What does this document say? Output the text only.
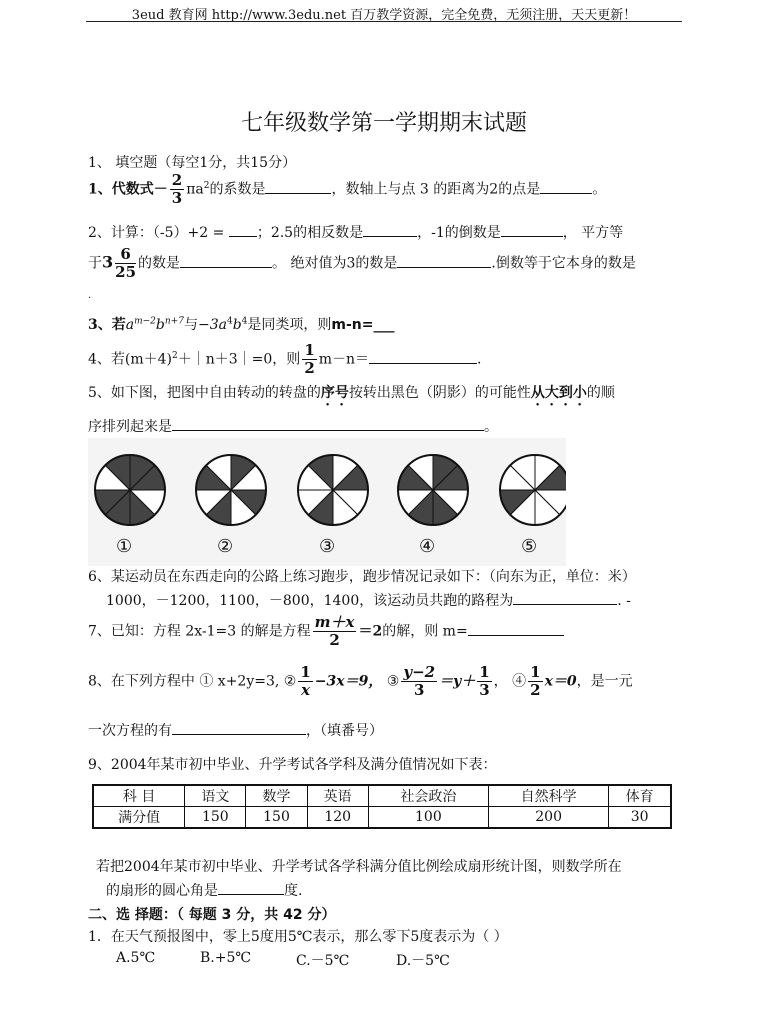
3eud 教育网 http://www.3edu.net 百万教学资源，完全免费，无须注册，天天更新！
七年级数学第一学期期末试题
1、 填空题（每空1分，共15分）
1、代数式－ $\frac{2}{3} \pi a^2$的系数是	，数轴上与点 3 的距离为2的点是	。
2、计算：（-5）+2 = ；2.5的相反数是	，-1的倒数是	， 平方等
于$3 \frac{6}{25}$ 的数是	。 绝对值为3的数是	.倒数等于它本身的数是
.
3、若$a^{m-2}b^{n+7}$与$-3a^4b^4$是同类项，则m-n=___
4、若$(m+4)^2+|n+3|=0$，则 $\frac{1}{2} m-n=$	.
5、如下图，把图中自由转动的转盘的序号按转出黑色（阴影）的可能性从大到小的顺
序排列起来是	。
①	②	③	④	⑤
6、某运动员在东西走向的公路上练习跑步，跑步情况记录如下：（向东为正，单位：米）
1000，－1200，1100，－800，1400，该运动员共跑的路程为	. -
7、已知：方程 2x-1=3 的解是方程 $\frac{m+x}{2} =2$的解，则 m=
8、在下列方程中 ① x+2y=3, ② $\frac{1}{x} -3x=9$， ③ $\frac{y-2}{3} =y+ \frac{1}{3}$ ， ④ $\frac{1}{2} x=0$，是一元
一次方程的有	，（填番号）
9、2004年某市初中毕业、升学考试各学科及满分值情况如下表：
科 目	语文	数学	英语	社会政治	自然科学	体育
满分值	150	150	120	100	200	30
若把2004年某市初中毕业、升学考试各学科满分值比例绘成扇形统计图，则数学所在
的扇形的圆心角是	度.
二、选 择题：（ 每题 3 分，共 42 分）
1．在天气预报图中，零上5度用5℃表示，那么零下5度表示为（ ）
A.5℃	B.+5℃	C.－5℃	D.－5℃
